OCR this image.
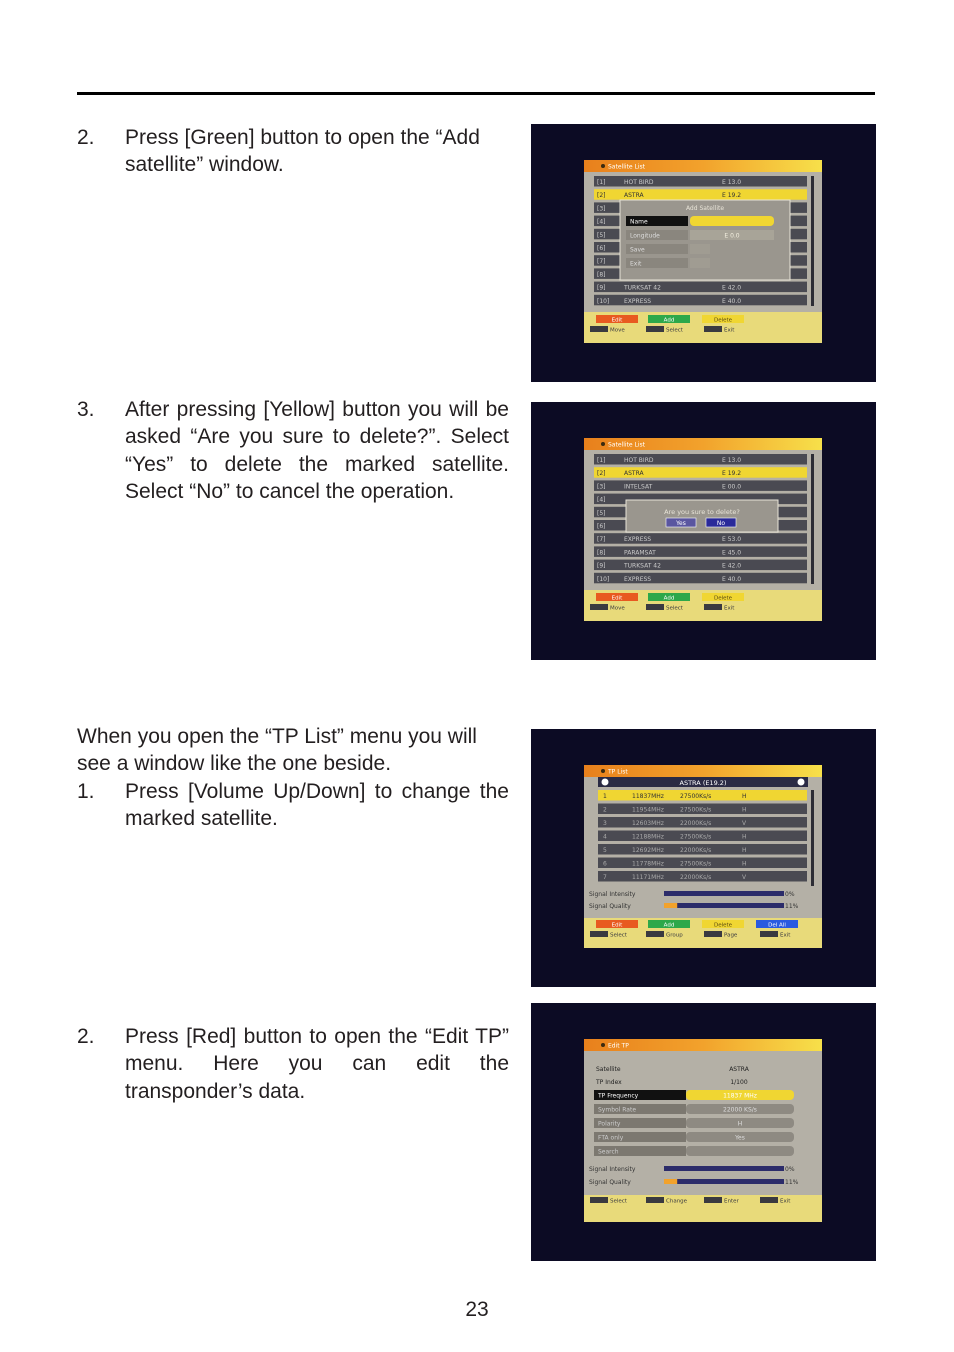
2.	Press [Green] button to open the “Add satellite” window.	Satellite List
[1]	HOT BIRD	E 13.0
[2]	ASTRA	E 19.2
[3]
[4]
[5]
[6]
[7]
[8]
[9]	TURKSAT 42	E 42.0
[10] EXPRESS	E 40.0
Add Satellite
Name
Longitude	E 0.0
Save
Exit
Edit	Add	Delete
Move	Select	Exit
3.	After pressing [Yellow] button you will be asked “Are you sure to delete?”. Select “Yes” to delete the marked satellite. Select “No” to cancel the operation.
Satellite List
[1]	HOT BIRD	E 13.0
[2]	ASTRA	E 19.2
[3]	INTELSAT	E 00.0
[4]
[5]
[6]
[7]	EXPRESS	E 53.0
[8]	PARAMSAT	E 45.0
[9]	TURKSAT 42	E 42.0
[10] EXPRESS	E 40.0
Are you sure to delete?
Yes	No
Edit	Add	Delete
Move	Select	Exit
When you open the “TP List” menu you will see a window like the one beside.
1.	Press [Volume Up/Down] to change the marked satellite.
TP List
ASTRA (E19.2)
1	11837MHz	27500Ks/s	H
2	11954MHz	27500Ks/s	H
3	12603MHz	22000Ks/s	V
4	12188MHz	27500Ks/s	H
5	12692MHz	22000Ks/s	H
6	11778MHz	27500Ks/s	H
7	11171MHz	22000Ks/s	V
Signal Intensity	0%
Signal Quality	11%
Edit	Add	Delete	Del All
Select	Group	Page	Exit
2.	Press [Red] button to open the “Edit TP” menu. Here you can edit the transponder’s data.
Edit TP
Satellite	ASTRA
TP Index	1/100
TP Frequency	11837 MHz
Symbol Rate	22000 KS/s
Polarity	H
FTA only	Yes
Search
Signal Intensity	0%
Signal Quality	11%
Select	Change	Enter	Exit
23
